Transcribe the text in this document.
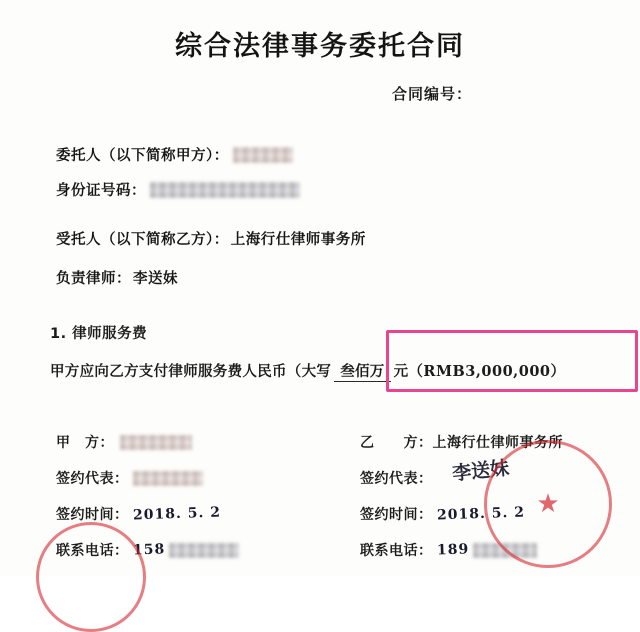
综合法律事务委托合同
合同编号：
委托人（以下简称甲方）：
身份证号码：
受托人（以下简称乙方）： 上海行仕律师事务所
负责律师： 李送妹
1. 律师服务费
甲方应向乙方支付律师服务费人民币（大写 叁佰万 元（RMB3,000,000）
甲　方：
签约代表：
签约时间： 2018. 5. 2
联系电话： 158
乙　　方： 上海行仕律师事务所
签约代表：
签约时间： 2018. 5. 2
联系电话： 189
李送妹
★
